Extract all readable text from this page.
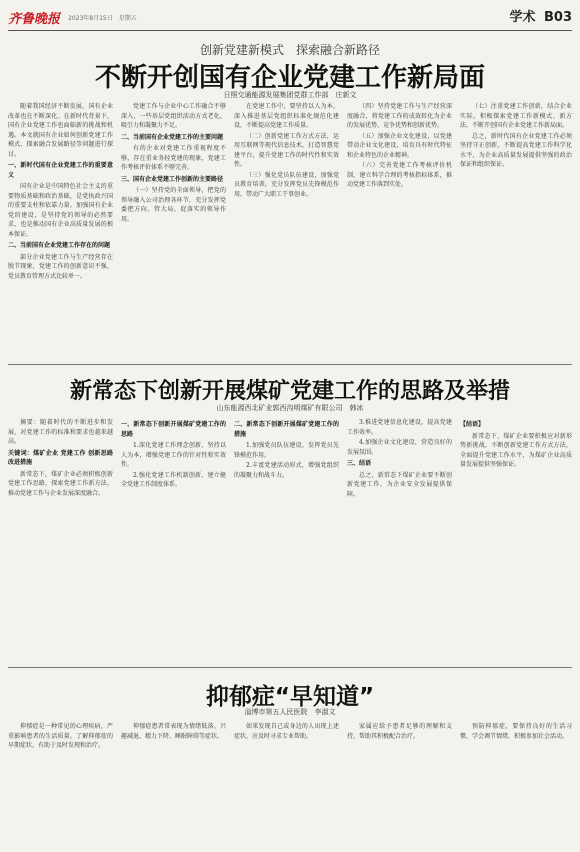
齐鲁晚报 2023年8月15日　星期五	学术 B03
创新党建新模式　探索融合新路径
不断开创国有企业党建工作新局面
日照交通能源发展集团党群工作部　庄新文

随着我国经济不断发展，国有企业改革也在不断深化。在新时代背景下，国有企业党建工作也面临新的挑战和机遇。本文就国有企业如何创新党建工作模式、探索融合发展路径等问题进行探讨。

一、新时代国有企业党建工作的重要意义

国有企业是中国特色社会主义的重要物质基础和政治基础，是党执政兴国的重要支柱和依靠力量。加强国有企业党的建设，是坚持党的领导的必然要求，也是推动国有企业高质量发展的根本保证。

二、当前国有企业党建工作存在的问题

部分企业党建工作与生产经营存在脱节现象，党建工作的创新意识不强，党员教育管理方式比较单一。

党建工作与企业中心工作融合不够深入，一些基层党组织活动方式老化，吸引力和凝聚力不足。

二、当前国有企业党建工作的主要问题

有的企业对党建工作重视程度不够，存在重业务轻党建的现象，党建工作考核评价体系不够完善。

三、国有企业党建工作创新的主要路径

（一）坚持党的全面领导，把党的领导融入公司治理各环节，充分发挥党委把方向、管大局、促落实的领导作用。

在党建工作中，要坚持以人为本，深入推进基层党组织标准化规范化建设，不断提高党建工作质量。

（二）创新党建工作方式方法，运用互联网等现代信息技术，打造智慧党建平台，提升党建工作的时代性和实效性。

（三）强化党员队伍建设，加强党员教育培训，充分发挥党员先锋模范作用，带动广大职工干事创业。

（四）坚持党建工作与生产经营深度融合，将党建工作的成效转化为企业的发展优势、竞争优势和创新优势。

（五）加强企业文化建设，以党建带动企业文化建设，培育具有时代特征和企业特色的企业精神。

（六）完善党建工作考核评价机制，建立科学合理的考核指标体系，推动党建工作落到实处。

（七）注重党建工作创新，结合企业实际，积极探索党建工作新模式、新方法，不断开创国有企业党建工作新局面。

总之，新时代国有企业党建工作必须坚持守正创新，不断提高党建工作科学化水平，为企业高质量发展提供坚强的政治保证和组织保证。

新常态下创新开展煤矿党建工作的思路及举措
山东能源西北矿业郭西沟明煤矿有限公司　韩冰

摘要：随着时代的不断进步和发展，对党建工作的标准和要求也越来越高。

关键词：煤矿企业 党建工作 创新思路 改进措施

新常态下，煤矿企业必须积极创新党建工作思路，探索党建工作新方法，推动党建工作与企业发展深度融合。

一、新常态下创新开展煤矿党建工作的思路

1.深化党建工作理念创新，坚持以人为本，增强党建工作的针对性和实效性。

2.强化党建工作机制创新，建立健全党建工作制度体系。

二、新常态下创新开展煤矿党建工作的措施

1.加强党员队伍建设，发挥党员先锋模范作用。

2.丰富党建活动形式，增强党组织的凝聚力和战斗力。

3.推进党建信息化建设，提高党建工作效率。

4.加强企业文化建设，营造良好的发展氛围。

三、结语

总之，新常态下煤矿企业要不断创新党建工作，为企业安全发展提供保障。

【结语】

新常态下，煤矿企业要积极应对新形势新挑战，不断创新党建工作方式方法，全面提升党建工作水平，为煤矿企业高质量发展提供坚强保证。

抑郁症“早知道”
淄博市第五人民医院　李淑文

抑郁症是一种常见的心理疾病，严重影响患者的生活质量。了解抑郁症的早期症状，有助于及时发现和治疗。

抑郁症患者常表现为情绪低落、兴趣减退、精力下降、睡眠障碍等症状。

如果发现自己或身边的人出现上述症状，应及时寻求专业帮助。

家属应给予患者足够的理解和支持，帮助其积极配合治疗。

预防抑郁症，要保持良好的生活习惯，学会调节情绪，积极参加社会活动。
